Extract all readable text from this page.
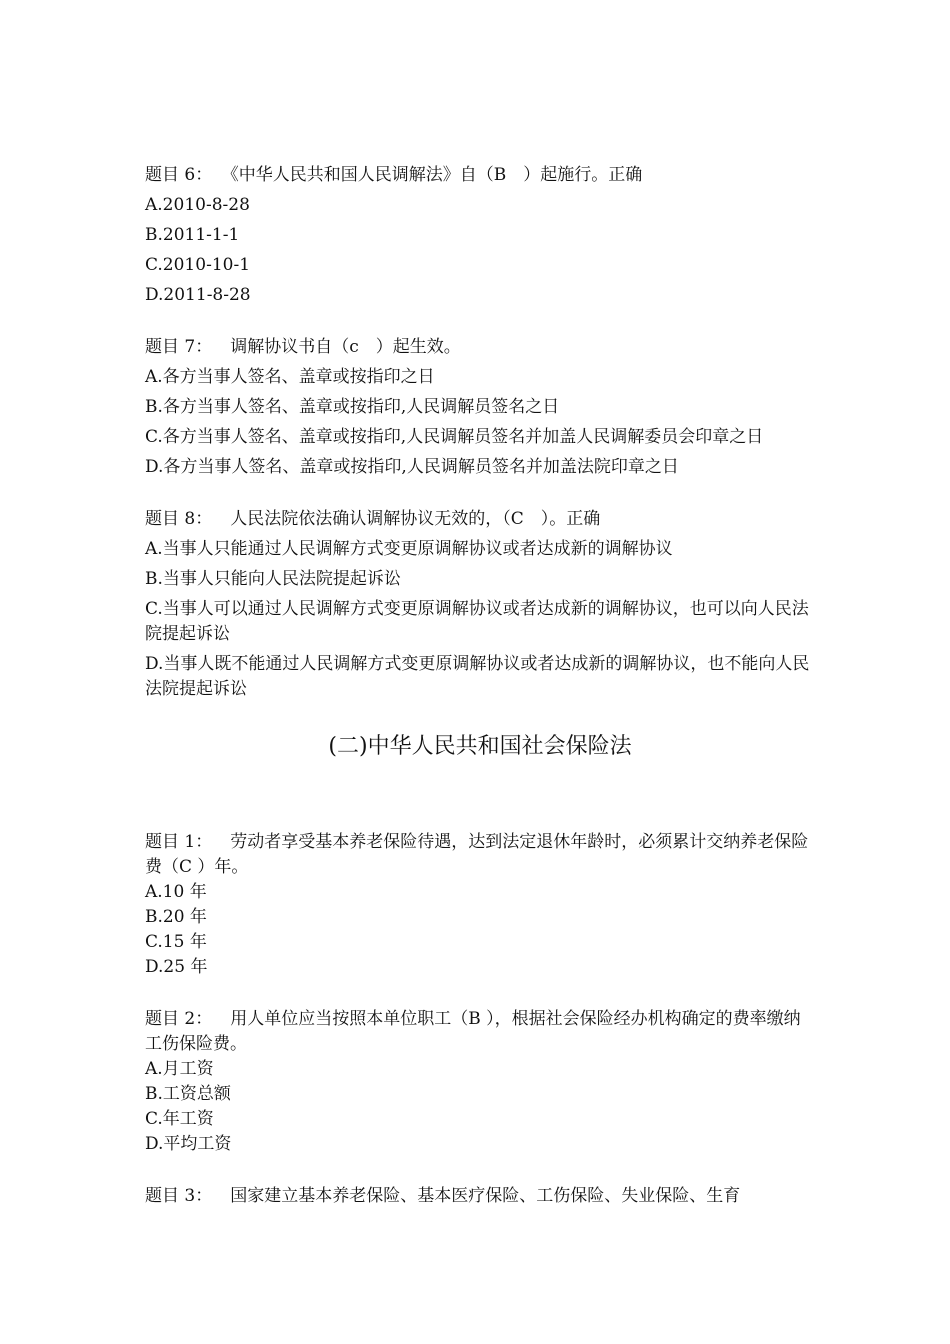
题目 6： 《中华人民共和国人民调解法》自（B　）起施行。正确

A.2010-8-28

B.2011-1-1

C.2010-10-1

D.2011-8-28

题目 7： 调解协议书自（c　）起生效。

A.各方当事人签名、盖章或按指印之日

B.各方当事人签名、盖章或按指印,人民调解员签名之日

C.各方当事人签名、盖章或按指印,人民调解员签名并加盖人民调解委员会印章之日

D.各方当事人签名、盖章或按指印,人民调解员签名并加盖法院印章之日

题目 8： 人民法院依法确认调解协议无效的，（C　）。正确

A.当事人只能通过人民调解方式变更原调解协议或者达成新的调解协议

B.当事人只能向人民法院提起诉讼

C.当事人可以通过人民调解方式变更原调解协议或者达成新的调解协议，也可以向人民法院提起诉讼

D.当事人既不能通过人民调解方式变更原调解协议或者达成新的调解协议，也不能向人民法院提起诉讼

(二)中华人民共和国社会保险法

题目 1： 劳动者享受基本养老保险待遇，达到法定退休年龄时，必须累计交纳养老保险费（C ）年。

A.10 年

B.20 年

C.15 年

D.25 年

题目 2： 用人单位应当按照本单位职工（B ），根据社会保险经办机构确定的费率缴纳工伤保险费。

A.月工资

B.工资总额

C.年工资

D.平均工资

题目 3： 国家建立基本养老保险、基本医疗保险、工伤保险、失业保险、生育
